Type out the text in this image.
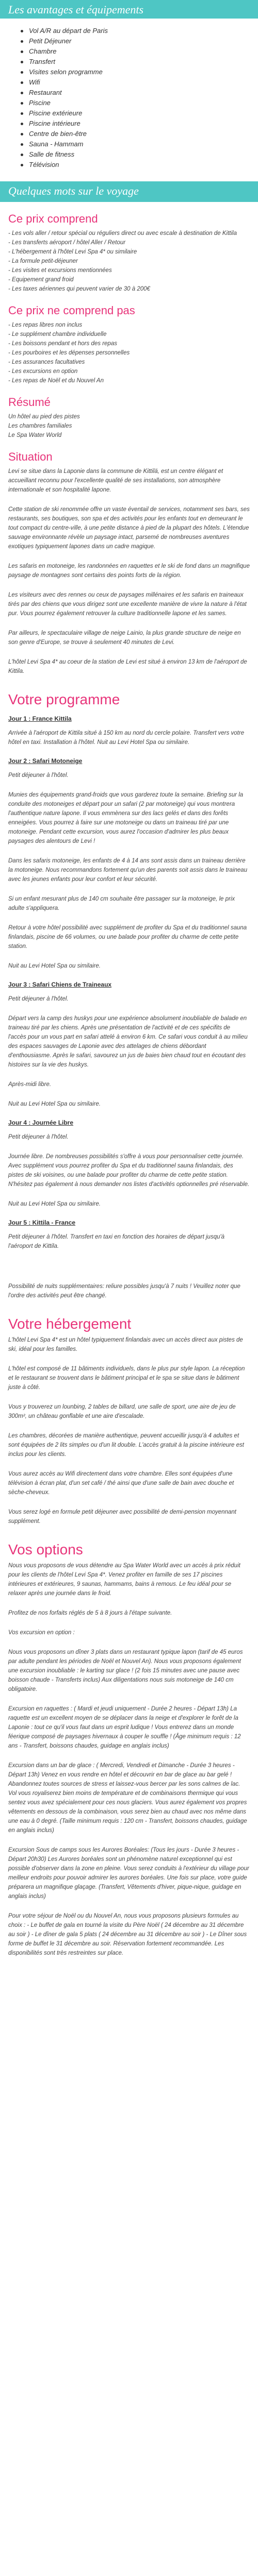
Les avantages et équipements
Vol A/R au départ de Paris
Petit Déjeuner
Chambre
Transfert
Visites selon programme
Wifi
Restaurant
Piscine
Piscine extérieure
Piscine intérieure
Centre de bien-être
Sauna - Hammam
Salle de fitness
Télévision
Quelques mots sur le voyage
Ce prix comprend

- Les vols aller / retour spécial ou réguliers direct ou avec escale à destination de Kittila

- Les transferts aéroport / hôtel Aller / Retour

- L'hébergement à l'hôtel Levi Spa 4* ou similaire

- La formule petit-déjeuner

- Les visites et excursions mentionnées

- Equipement grand froid

- Les taxes aériennes qui peuvent varier de 30 à 200€

Ce prix ne comprend pas

- Les repas libres non inclus

- Le supplément chambre individuelle

- Les boissons pendant et hors des repas

- Les pourboires et les dépenses personnelles

- Les assurances facultatives

- Les excursions en option

- Les repas de Noël et du Nouvel An

Résumé

Un hôtel au pied des pistes

Les chambres familiales

Le Spa Water World

Situation

Levi se situe dans la Laponie dans la commune de Kittilä, est un centre élégant et accueillant reconnu pour l'excellente qualité de ses installations, son atmosphère internationale et son hospitalité lapone.

Cette station de ski renommée offre un vaste éventail de services, notamment ses bars, ses restaurants, ses boutiques, son spa et des activités pour les enfants tout en demeurant le tout compact du centre-ville, à une petite distance à pied de la plupart des hôtels. L'étendue sauvage environnante révèle un paysage intact, parsemé de nombreuses aventures exotiques typiquement lapones dans un cadre magique.

Les safaris en motoneige, les randonnées en raquettes et le ski de fond dans un magnifique paysage de montagnes sont certains des points forts de la région.

Les visiteurs avec des rennes ou ceux de paysages millénaires et les safaris en traineaux tirés par des chiens que vous dirigez sont une excellente manière de vivre la nature à l'état pur. Vous pourrez également retrouver la culture traditionnelle lapone et les sames.

Par ailleurs, le spectaculaire village de neige Lainio, la plus grande structure de neige en son genre d'Europe, se trouve à seulement 40 minutes de Levi.

L'hôtel Levi Spa 4* au coeur de la station de Levi est situé à environ 13 km de l'aéroport de Kittila.

Votre programme
Jour 1 : France Kittila

Arrivée à l'aéroport de Kittila situé à 150 km au nord du cercle polaire. Transfert vers votre hôtel en taxi. Installation à l'hôtel. Nuit au Levi Hotel Spa ou similaire.

Jour 2 : Safari Motoneige

Petit déjeuner à l'hôtel.

Munies des équipements grand-froids que vous garderez toute la semaine. Briefing sur la conduite des motoneiges et départ pour un safari (2 par motoneige) qui vous montrera l'authentique nature lapone. Il vous emmènera sur des lacs gelés et dans des forêts enneigées. Vous pourrez à faire sur une motoneige ou dans un traineau tiré par une motoneige. Pendant cette excursion, vous aurez l'occasion d'admirer les plus beaux paysages des alentours de Levi !

Dans les safaris motoneige, les enfants de 4 à 14 ans sont assis dans un traineau derrière la motoneige. Nous recommandons fortement qu'un des parents soit assis dans le traineau avec les jeunes enfants pour leur confort et leur sécurité.

Si un enfant mesurant plus de 140 cm souhaite être passager sur la motoneige, le prix adulte s'appliquera.

Retour à votre hôtel possibilité avec supplément de profiter du Spa et du traditionnel sauna finlandais, piscine de 66 volumes, ou une balade pour profiter du charme de cette petite station.

Nuit au Levi Hotel Spa ou similaire.

Jour 3 : Safari Chiens de Traineaux

Petit déjeuner à l'hôtel.

Départ vers la camp des huskys pour une expérience absolument inoubliable de balade en traineau tiré par les chiens. Après une présentation de l'activité et de ces spécifits de l'accès pour un vous part en safari attelé à environ 6 km. Ce safari vous conduit à au milieu des espaces sauvages de Laponie avec des attelages de chiens débordant d'enthousiasme. Après le safari, savourez un jus de baies bien chaud tout en écoutant des histoires sur la vie des huskys.

Après-midi libre.

Nuit au Levi Hotel Spa ou similaire.

Jour 4 : Journée Libre

Petit déjeuner à l'hôtel.

Journée libre. De nombreuses possibilités s'offre à vous pour personnaliser cette journée. Avec supplément vous pourrez profiter du Spa et du traditionnel sauna finlandais, des pistes de ski voisines, ou une balade pour profiter du charme de cette petite station. N'hésitez pas également à nous demander nos listes d'activités optionnelles pré réservable.

Nuit au Levi Hotel Spa ou similaire.

Jour 5 : Kittila - France

Petit déjeuner à l'hôtel. Transfert en taxi en fonction des horaires de départ jusqu'à l'aéroport de Kittila.

Possibilité de nuits supplémentaires: reliure possibles jusqu'à 7 nuits ! Veuillez noter que l'ordre des activités peut être changé.

Votre hébergement

L'hôtel Levi Spa 4* est un hôtel typiquement finlandais avec un accès direct aux pistes de ski, idéal pour les familles.

L'hôtel est composé de 11 bâtiments individuels, dans le plus pur style lapon. La réception et le restaurant se trouvent dans le bâtiment principal et le spa se situe dans le bâtiment juste à côté.

Vous y trouverez un lounbing, 2 tables de billard, une salle de sport, une aire de jeu de 300m², un château gonflable et une aire d'escalade.

Les chambres, décorées de manière authentique, peuvent accueillir jusqu'à 4 adultes et sont équipées de 2 lits simples ou d'un lit double. L'accès gratuit à la piscine intérieure est inclus pour les clients.

Vous aurez accès au Wifi directement dans votre chambre. Elles sont équipées d'une télévision à écran plat, d'un set café / thé ainsi que d'une salle de bain avec douche et sèche-cheveux.

Vous serez logé en formule petit déjeuner avec possibilité de demi-pension moyennant supplément.

Vos options

Nous vous proposons de vous détendre au Spa Water World avec un accès à prix réduit pour les clients de l'hôtel Levi Spa 4*. Venez profiter en famille de ses 17 piscines intérieures et extérieures, 9 saunas, hammams, bains à remous. Le feu idéal pour se relaxer après une journée dans le froid.

Profitez de nos forfaits réglés de 5 à 8 jours à l'étape suivante.

Vos excursion en option :

Nous vous proposons un dîner 3 plats dans un restaurant typique lapon (tarif de 45 euros par adulte pendant les périodes de Noël et Nouvel An). Nous vous proposons également une excursion inoubliable : le karting sur glace ! (2 fois 15 minutes avec une pause avec boisson chaude - Transferts inclus) Aux diligentations nous suis motoneige de 140 cm obligatoire.

Excursion en raquettes : ( Mardi et jeudi uniquement - Durée 2 heures - Départ 13h) La raquette est un excellent moyen de se déplacer dans la neige et d'explorer le forêt de la Laponie : tout ce qu'il vous faut dans un esprit ludique ! Vous entrerez dans un monde féerique composé de paysages hivernaux à couper le souffle ! (Âge minimum requis : 12 ans - Transfert, boissons chaudes, guidage en anglais inclus)

Excursion dans un bar de glace : ( Mercredi, Vendredi et Dimanche - Durée 3 heures - Départ 13h) Venez en vous rendre en hôtel et découvrir en bar de glace au bar gelé ! Abandonnez toutes sources de stress et laissez-vous bercer par les sons calmes de lac. Vol vous royaliserez bien moins de température et de combinaisons thermique qui vous sentez vous avez spécialement pour ces nous glaciers. Vous aurez également vos propres vêtements en dessous de la combinaison, vous serez bien au chaud avec nos même dans une eau à 0 degré. (Taille minimum requis : 120 cm - Transfert, boissons chaudes, guidage en anglais inclus)

Excursion Sous de camps sous les Aurores Boréales: (Tous les jours - Durée 3 heures - Départ 20h30) Les Aurores boréales sont un phénomène naturel exceptionnel qui est possible d'observer dans la zone en pleine. Vous serez conduits à l'extérieur du village pour meilleur endroits pour pouvoir admirer les aurores boréales. Une fois sur place, votre guide préparera un magnifique glaçage. (Transfert, Vêtements d'hiver, pique-nique, guidage en anglais inclus)

Pour votre séjour de Noël ou du Nouvel An, nous vous proposons plusieurs formules au choix : - Le buffet de gala en tourné la visite du Père Noël ( 24 décembre au 31 décembre au soir ) - Le dîner de gala 5 plats ( 24 décembre au 31 décembre au soir ) - Le Dîner sous forme de buffet le 31 décembre au soir. Réservation fortement recommandée. Les disponibilités sont très restreintes sur place.
